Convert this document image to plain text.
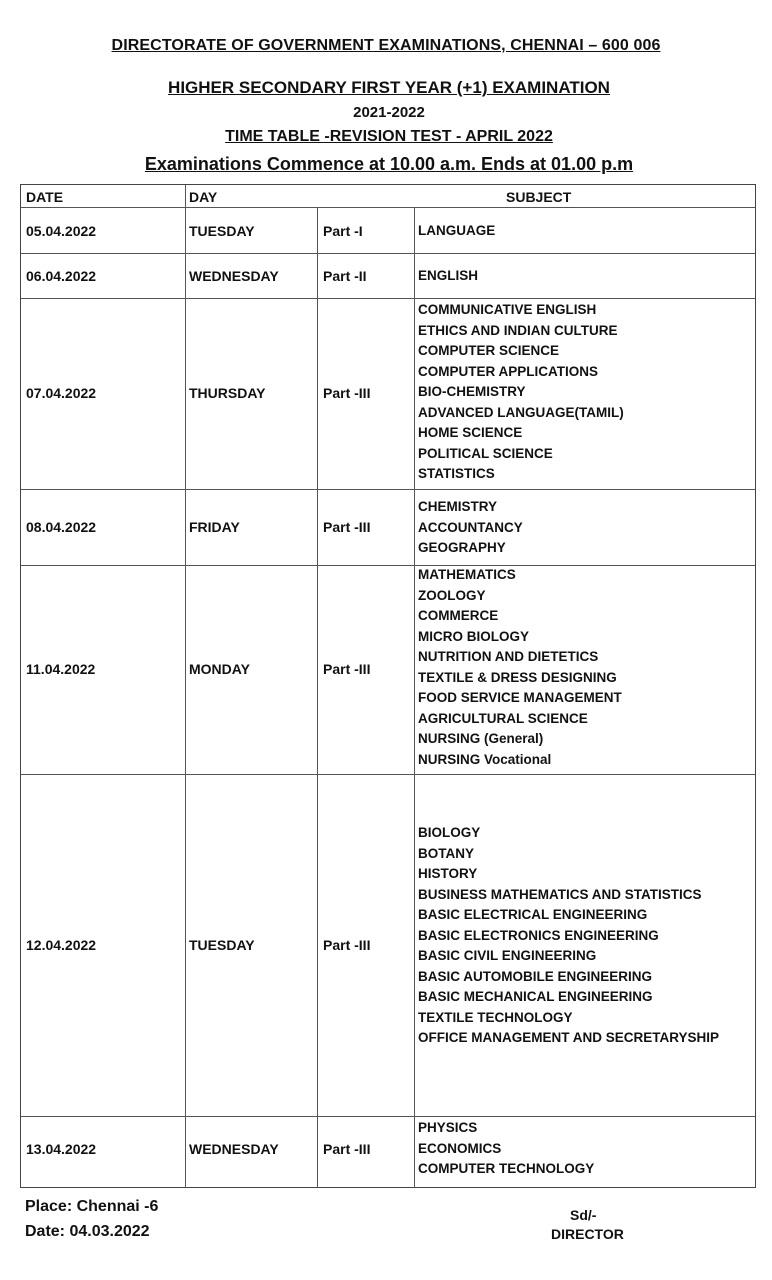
DIRECTORATE OF GOVERNMENT EXAMINATIONS, CHENNAI – 600 006
HIGHER SECONDARY FIRST YEAR (+1) EXAMINATION
2021-2022
TIME TABLE -REVISION TEST - APRIL 2022
Examinations Commence at 10.00 a.m. Ends at 01.00 p.m
DATE	DAY	SUBJECT
05.04.2022	TUESDAY	Part -I	LANGUAGE
06.04.2022	WEDNESDAY	Part -II	ENGLISH
07.04.2022	THURSDAY	Part -III
COMMUNICATIVE ENGLISH
ETHICS AND INDIAN CULTURE
COMPUTER SCIENCE
COMPUTER APPLICATIONS
BIO-CHEMISTRY
ADVANCED LANGUAGE(TAMIL)
HOME SCIENCE
POLITICAL SCIENCE
STATISTICS
08.04.2022	FRIDAY	Part -III
CHEMISTRY
ACCOUNTANCY
GEOGRAPHY
11.04.2022	MONDAY	Part -III
MATHEMATICS
ZOOLOGY
COMMERCE
MICRO BIOLOGY
NUTRITION AND DIETETICS
TEXTILE & DRESS DESIGNING
FOOD SERVICE MANAGEMENT
AGRICULTURAL SCIENCE
NURSING (General)
NURSING Vocational
12.04.2022	TUESDAY	Part -III
BIOLOGY
BOTANY
HISTORY
BUSINESS MATHEMATICS AND STATISTICS
BASIC ELECTRICAL ENGINEERING
BASIC ELECTRONICS ENGINEERING
BASIC CIVIL ENGINEERING
BASIC AUTOMOBILE ENGINEERING
BASIC MECHANICAL ENGINEERING
TEXTILE TECHNOLOGY
OFFICE MANAGEMENT AND SECRETARYSHIP
13.04.2022	WEDNESDAY	Part -III
PHYSICS
ECONOMICS
COMPUTER TECHNOLOGY
Place: Chennai -6
Date: 04.03.2022
Sd/-
DIRECTOR
